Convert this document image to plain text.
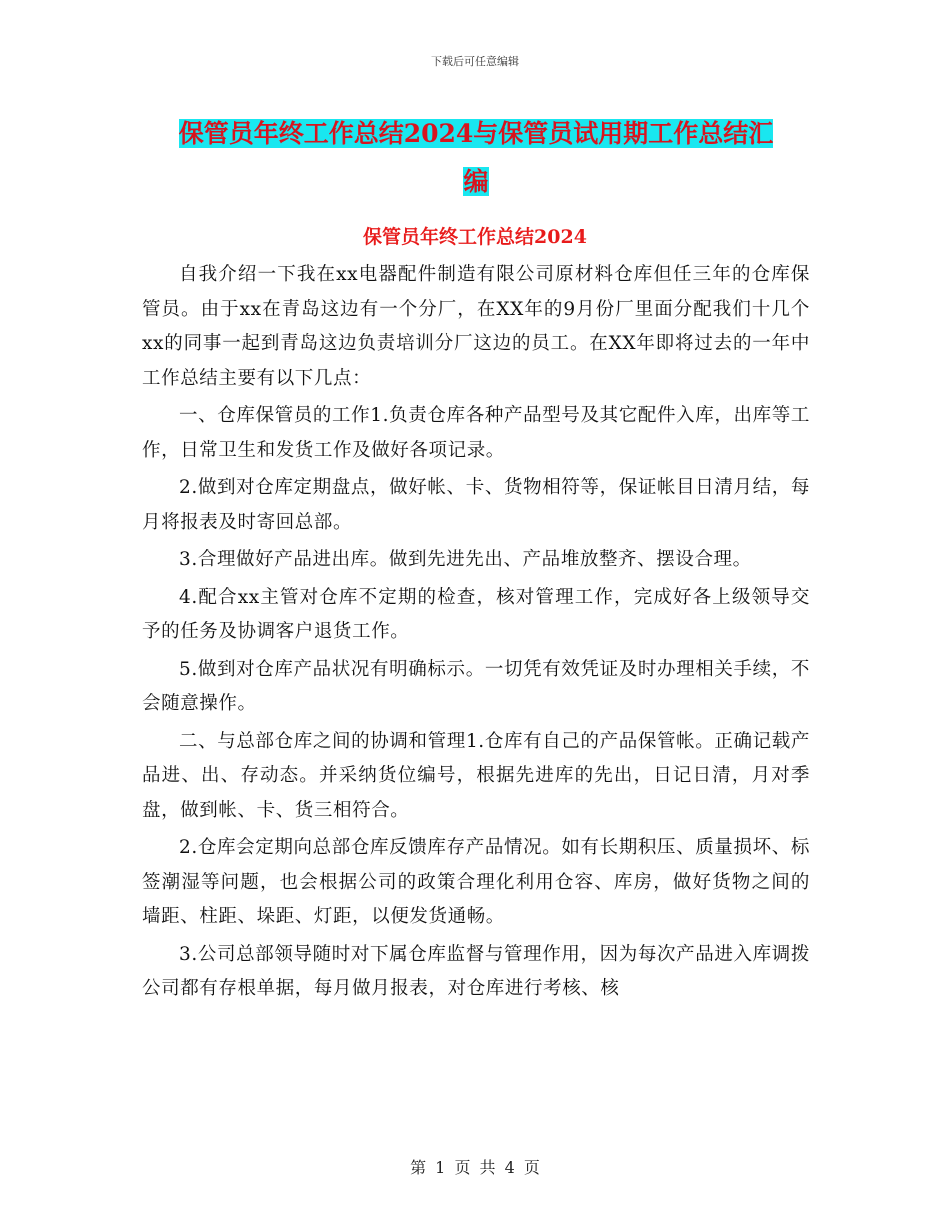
下载后可任意编辑
保管员年终工作总结2024与保管员试用期工作总结汇
编
保管员年终工作总结2024

自我介绍一下我在xx电器配件制造有限公司原材料仓库但任三年的仓库保管员。由于xx在青岛这边有一个分厂，在XX年的9月份厂里面分配我们十几个xx的同事一起到青岛这边负责培训分厂这边的员工。在XX年即将过去的一年中工作总结主要有以下几点：

一、仓库保管员的工作1.负责仓库各种产品型号及其它配件入库，出库等工作，日常卫生和发货工作及做好各项记录。

2.做到对仓库定期盘点，做好帐、卡、货物相符等，保证帐目日清月结，每月将报表及时寄回总部。

3.合理做好产品进出库。做到先进先出、产品堆放整齐、摆设合理。

4.配合xx主管对仓库不定期的检查，核对管理工作，完成好各上级领导交予的任务及协调客户退货工作。

5.做到对仓库产品状况有明确标示。一切凭有效凭证及时办理相关手续，不会随意操作。

二、与总部仓库之间的协调和管理1.仓库有自己的产品保管帐。正确记载产品进、出、存动态。并采纳货位编号，根据先进库的先出，日记日清，月对季盘，做到帐、卡、货三相符合。

2.仓库会定期向总部仓库反馈库存产品情况。如有长期积压、质量损坏、标签潮湿等问题，也会根据公司的政策合理化利用仓容、库房，做好货物之间的墙距、柱距、垛距、灯距，以便发货通畅。

3.公司总部领导随时对下属仓库监督与管理作用，因为每次产品进入库调拨公司都有存根单据，每月做月报表，对仓库进行考核、核

第 1 页 共 4 页
